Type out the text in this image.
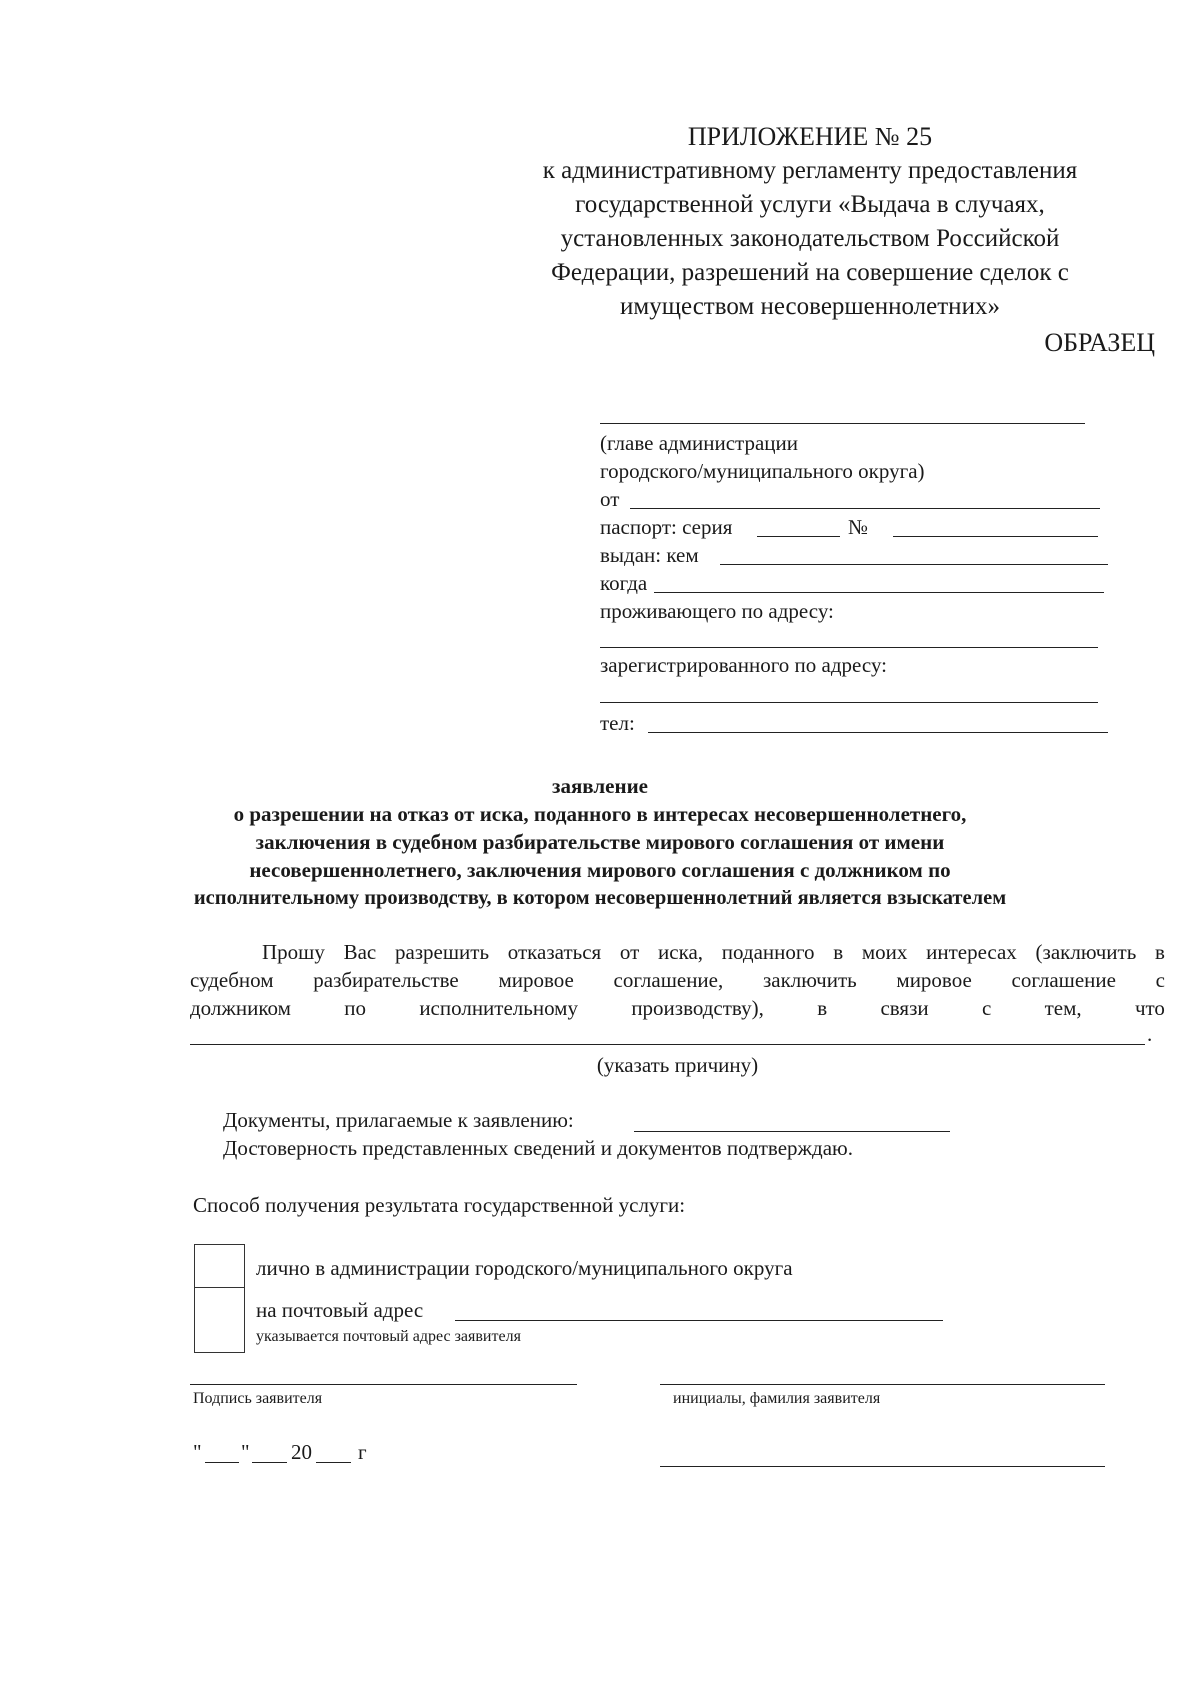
ПРИЛОЖЕНИЕ № 25
к административному регламенту предоставления
государственной услуги «Выдача в случаях,
установленных законодательством Российской
Федерации, разрешений на совершение сделок с
имуществом несовершеннолетних»
ОБРАЗЕЦ
(главе администрации
городского/муниципального округа)
от
паспорт: серия	№
выдан: кем
когда
проживающего по адресу:
зарегистрированного по адресу:
тел:
заявление
о разрешении на отказ от иска, поданного в интересах несовершеннолетнего,
заключения в судебном разбирательстве мирового соглашения от имени
несовершеннолетнего, заключения мирового соглашения с должником по
исполнительному производству, в котором несовершеннолетний является взыскателем
Прошу Вас разрешить отказаться от иска, поданного в моих интересах (заключить в
судебном разбирательстве мировое соглашение, заключить мировое соглашение с
должником	по	исполнительному	производству),	в	связи	с	тем,	что
.
(указать причину)
Документы, прилагаемые к заявлению:
Достоверность представленных сведений и документов подтверждаю.
Способ получения результата государственной услуги:
лично в администрации городского/муниципального округа
на почтовый адрес
указывается почтовый адрес заявителя
Подпись заявителя	инициалы, фамилия заявителя
" " 20 г
